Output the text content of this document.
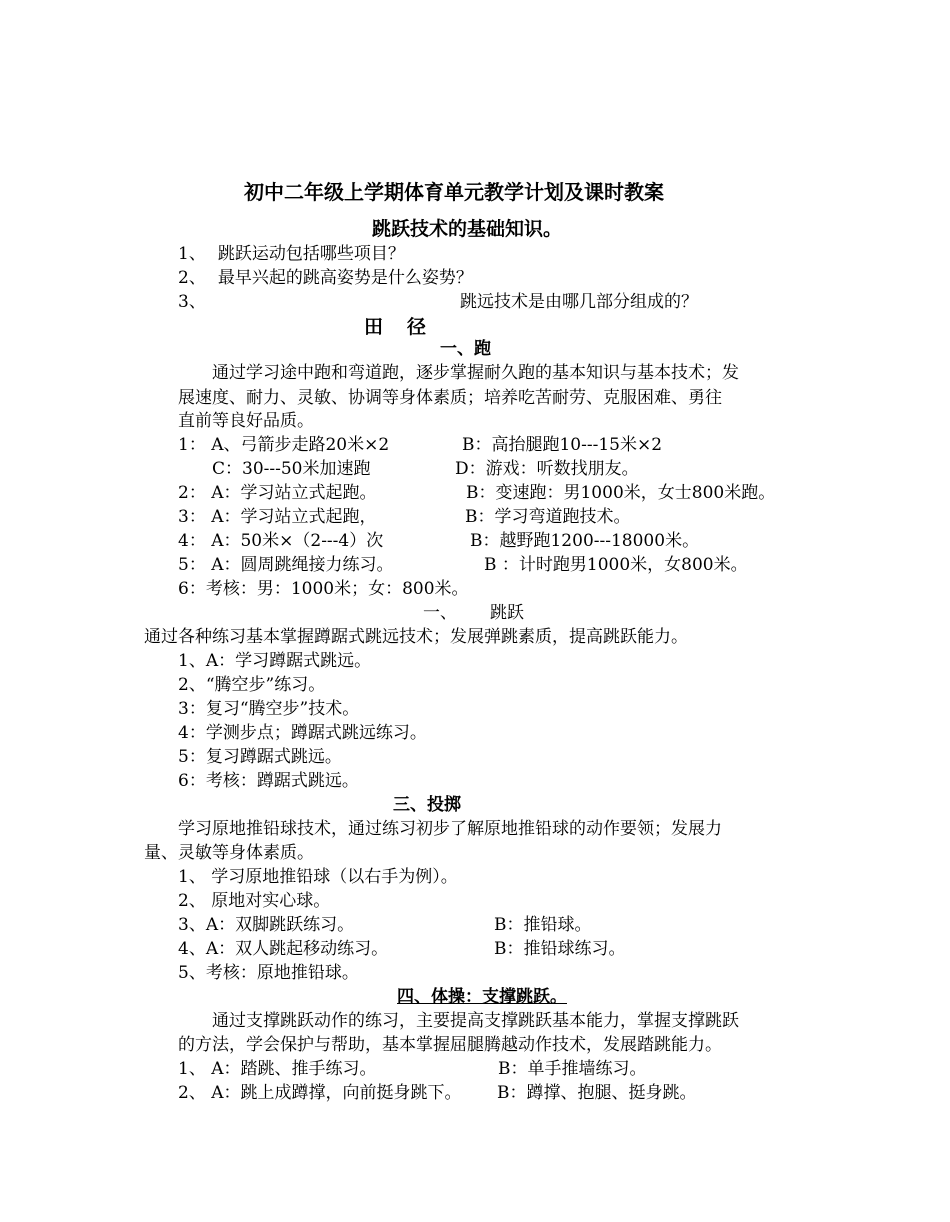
初中二年级上学期体育单元教学计划及课时教案
跳跃技术的基础知识。
1、 跳跃运动包括哪些项目？
2、 最早兴起的跳高姿势是什么姿势？
3、	跳远技术是由哪几部分组成的？
田径
一、跑
通过学习途中跑和弯道跑，逐步掌握耐久跑的基本知识与基本技术；发
展速度、耐力、灵敏、协调等身体素质；培养吃苦耐劳、克服困难、勇往
直前等良好品质。
1： A、弓箭步走路20米×2	B：高抬腿跑10---15米×2
C：30---50米加速跑	D：游戏：听数找朋友。
2： A：学习站立式起跑。	B：变速跑：男1000米，女士800米跑。
3： A：学习站立式起跑，	B：学习弯道跑技术。
4： A：50米×（2---4）次	B：越野跑1200---18000米。
5： A：圆周跳绳接力练习。	B ：计时跑男1000米，女800米。
6：考核：男：1000米；女：800米。
一、 跳跃
通过各种练习基本掌握蹲踞式跳远技术；发展弹跳素质，提高跳跃能力。
1、A：学习蹲踞式跳远。
2、“腾空步”练习。
3：复习“腾空步”技术。
4：学测步点；蹲踞式跳远练习。
5：复习蹲踞式跳远。
6：考核：蹲踞式跳远。
三、投掷
学习原地推铅球技术，通过练习初步了解原地推铅球的动作要领；发展力
量、灵敏等身体素质。
1、 学习原地推铅球（以右手为例）。
2、 原地对实心球。
3、A：双脚跳跃练习。	B：推铅球。
4、A：双人跳起移动练习。	B：推铅球练习。
5、考核：原地推铅球。
四、体操：支撑跳跃。
通过支撑跳跃动作的练习，主要提高支撑跳跃基本能力，掌握支撑跳跃
的方法，学会保护与帮助，基本掌握屈腿腾越动作技术，发展踏跳能力。
1、 A：踏跳、推手练习。	B：单手推墙练习。
2、 A：跳上成蹲撑，向前挺身跳下。 B：蹲撑、抱腿、挺身跳。
